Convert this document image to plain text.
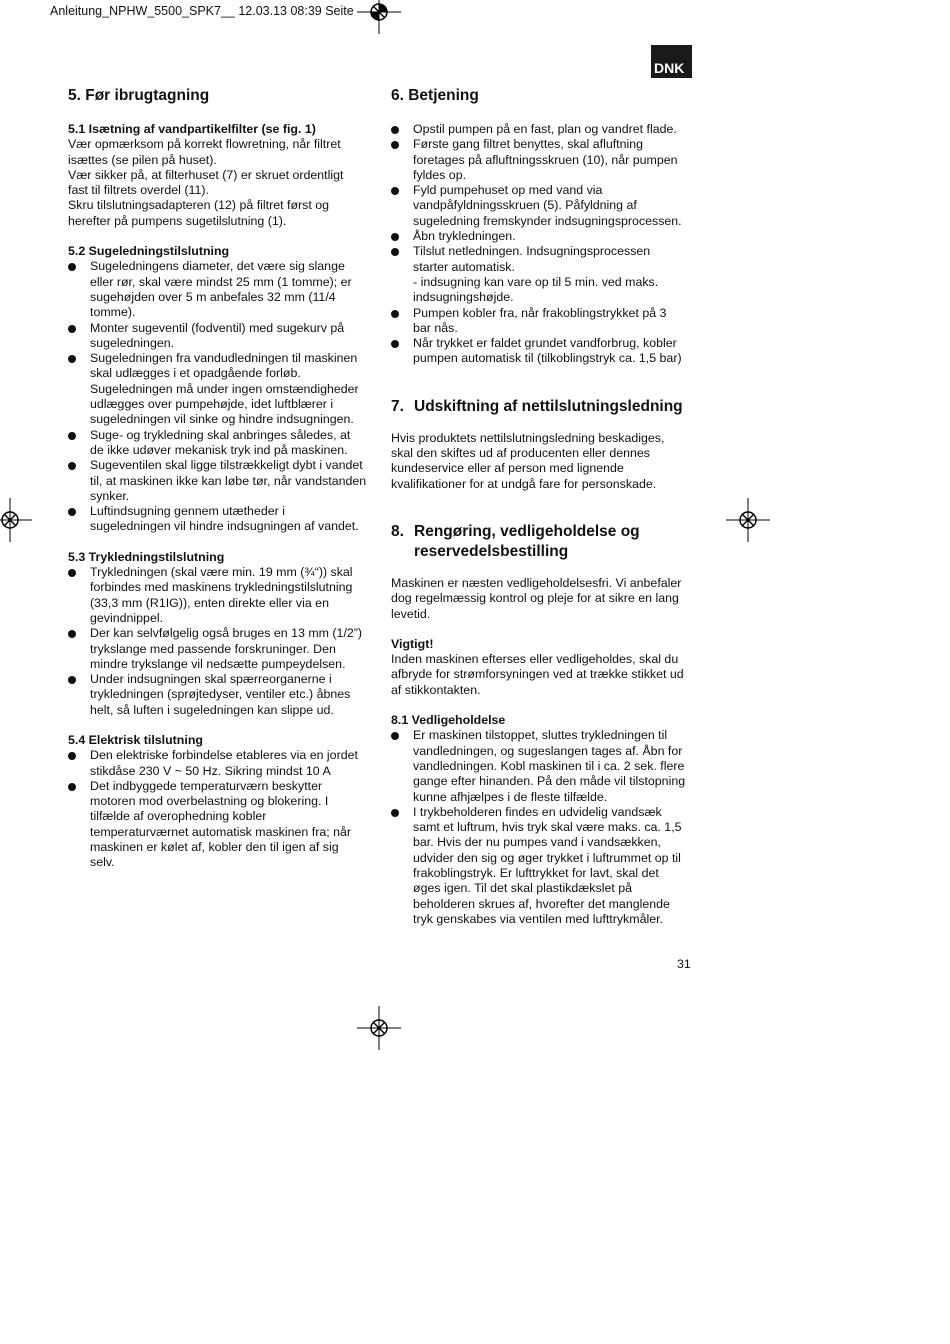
Anleitung_NPHW_5500_SPK7__ 12.03.13 08:39 Seite
DNK
5. Før ibrugtagning
5.1 Isætning af vandpartikelfilter (se fig. 1)

Vær opmærksom på korrekt flowretning, når filtret
isættes (se pilen på huset).
Vær sikker på, at filterhuset (7) er skruet ordentligt
fast til filtrets overdel (11).
Skru tilslutningsadapteren (12) på filtret først og
herefter på pumpens sugetilslutning (1).

5.2 Sugeledningstilslutning
Sugeledningens diameter, det være sig slange
eller rør, skal være mindst 25 mm (1 tomme); er
sugehøjden over 5 m anbefales 32 mm (11/4
tomme).
Monter sugeventil (fodventil) med sugekurv på
sugeledningen.
Sugeledningen fra vandudledningen til maskinen
skal udlægges i et opadgående forløb.
Sugeledningen må under ingen omstændigheder
udlægges over pumpehøjde, idet luftblærer i
sugeledningen vil sinke og hindre indsugningen.
Suge- og trykledning skal anbringes således, at
de ikke udøver mekanisk tryk ind på maskinen.
Sugeventilen skal ligge tilstrækkeligt dybt i vandet
til, at maskinen ikke kan løbe tør, når vandstanden
synker.
Luftindsugning gennem utætheder i
sugeledningen vil hindre indsugningen af vandet.
5.3 Trykledningstilslutning
Trykledningen (skal være min. 19 mm (¾“)) skal
forbindes med maskinens trykledningstilslutning
(33,3 mm (R1IG)), enten direkte eller via en
gevindnippel.
Der kan selvfølgelig også bruges en 13 mm (1/2”)
trykslange med passende forskruninger. Den
mindre trykslange vil nedsætte pumpeydelsen.
Under indsugningen skal spærreorganerne i
trykledningen (sprøjtedyser, ventiler etc.) åbnes
helt, så luften i sugeledningen kan slippe ud.
5.4 Elektrisk tilslutning
Den elektriske forbindelse etableres via en jordet
stikdåse 230 V ~ 50 Hz. Sikring mindst 10 A
Det indbyggede temperaturværn beskytter
motoren mod overbelastning og blokering. I
tilfælde af overophedning kobler
temperaturværnet automatisk maskinen fra; når
maskinen er kølet af, kobler den til igen af sig
selv.
6. Betjening
Opstil pumpen på en fast, plan og vandret flade.
Første gang filtret benyttes, skal afluftning
foretages på afluftningsskruen (10), når pumpen
fyldes op.
Fyld pumpehuset op med vand via
vandpåfyldningsskruen (5). Påfyldning af
sugeledning fremskynder indsugningsprocessen.
Åbn trykledningen.
Tilslut netledningen. Indsugningsprocessen
starter automatisk.
- indsugning kan vare op til 5 min. ved maks.
indsugningshøjde.
Pumpen kobler fra, når frakoblingstrykket på 3
bar nås.
Når trykket er faldet grundet vandforbrug, kobler
pumpen automatisk til (tilkoblingstryk ca. 1,5 bar)
7. Udskiftning af nettilslutningsledning

Hvis produktets nettilslutningsledning beskadiges,
skal den skiftes ud af producenten eller dennes
kundeservice eller af person med lignende
kvalifikationer for at undgå fare for personskade.

8. Rengøring, vedligeholdelse og
reservedelsbestilling

Maskinen er næsten vedligeholdelsesfri. Vi anbefaler
dog regelmæssig kontrol og pleje for at sikre en lang
levetid.

Vigtigt!

Inden maskinen efterses eller vedligeholdes, skal du
afbryde for strømforsyningen ved at trække stikket ud
af stikkontakten.

8.1 Vedligeholdelse
Er maskinen tilstoppet, sluttes trykledningen til
vandledningen, og sugeslangen tages af. Åbn for
vandledningen. Kobl maskinen til i ca. 2 sek. flere
gange efter hinanden. På den måde vil tilstopning
kunne afhjælpes i de fleste tilfælde.
I trykbeholderen findes en udvidelig vandsæk
samt et luftrum, hvis tryk skal være maks. ca. 1,5
bar. Hvis der nu pumpes vand i vandsækken,
udvider den sig og øger trykket i luftrummet op til
frakoblingstryk. Er lufttrykket for lavt, skal det
øges igen. Til det skal plastikdækslet på
beholderen skrues af, hvorefter det manglende
tryk genskabes via ventilen med lufttrykmåler.
31
